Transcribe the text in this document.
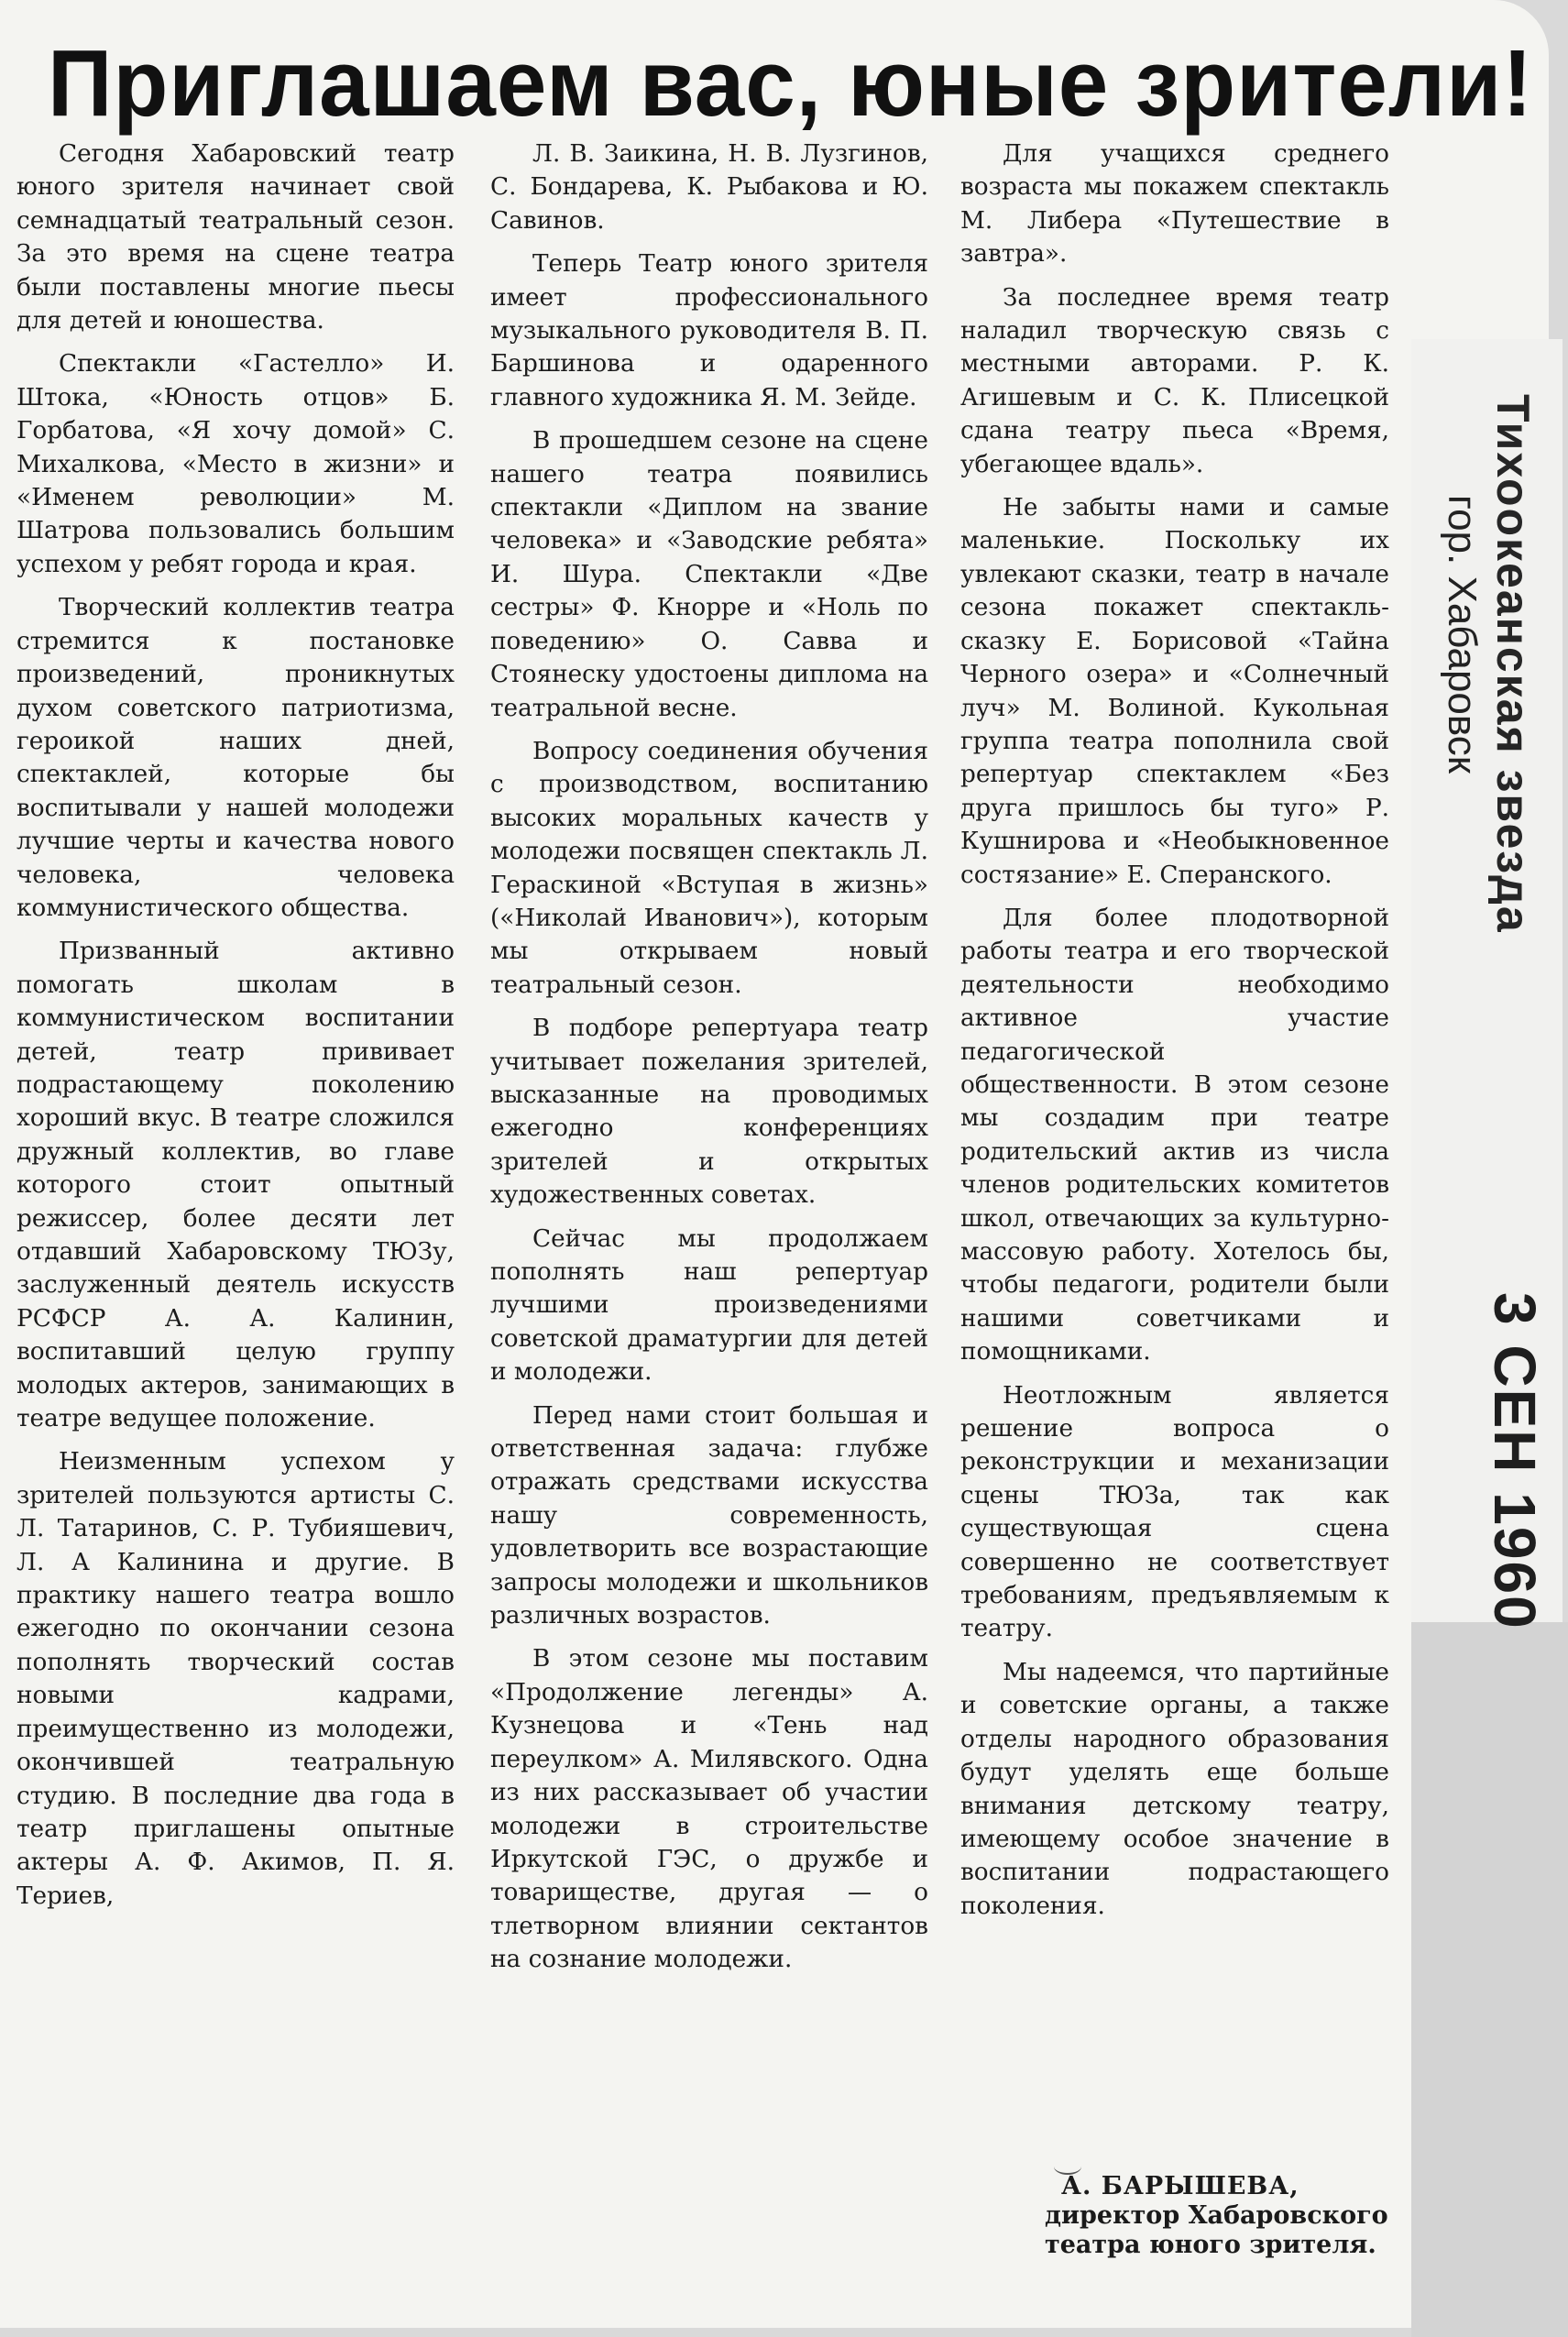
Приглашаем вас, юные зрители!

Сегодня Хабаровский театр юного зрителя начинает свой семнадцатый театральный сезон. За это время на сцене театра были поставлены многие пьесы для детей и юношества.

Спектакли «Гастелло» И. Штока, «Юность отцов» Б. Горбатова, «Я хочу домой» С. Михалкова, «Место в жизни» и «Именем революции» М. Шатрова пользовались большим успехом у ребят города и края.

Творческий коллектив театра стремится к постановке произведений, проникнутых духом советского патриотизма, героикой наших дней, спектаклей, которые бы воспитывали у нашей молодежи лучшие черты и качества нового человека, человека коммунистического общества.

Призванный активно помогать школам в коммунистическом воспитании детей, театр прививает подрастающему поколению хороший вкус. В театре сложился дружный коллектив, во главе которого стоит опытный режиссер, более десяти лет отдавший Хабаровскому ТЮЗу, заслуженный деятель искусств РСФСР А. А. Калинин, воспитавший целую группу молодых актеров, занимающих в театре ведущее положение.

Неизменным успехом у зрителей пользуются артисты С. Л. Татаринов, С. Р. Тубияшевич, Л. А Калинина и другие. В практику нашего театра вошло ежегодно по окончании сезона пополнять творческий состав новыми кадрами, преимущественно из молодежи, окончившей театральную студию. В последние два года в театр приглашены опытные актеры А. Ф. Акимов, П. Я. Териев,

Л. В. Заикина, Н. В. Лузгинов, С. Бондарева, К. Рыбакова и Ю. Савинов.

Теперь Театр юного зрителя имеет профессионального музыкального руководителя В. П. Баршинова и одаренного главного художника Я. М. Зейде.

В прошедшем сезоне на сцене нашего театра появились спектакли «Диплом на звание человека» и «Заводские ребята» И. Шура. Спектакли «Две сестры» Ф. Кнорре и «Ноль по поведению» О. Савва и Стоянеску удостоены диплома на театральной весне.

Вопросу соединения обучения с производством, воспитанию высоких моральных качеств у молодежи посвящен спектакль Л. Гераскиной «Вступая в жизнь» («Николай Иванович»), которым мы открываем новый театральный сезон.

В подборе репертуара театр учитывает пожелания зрителей, высказанные на проводимых ежегодно конференциях зрителей и открытых художественных советах.

Сейчас мы продолжаем пополнять наш репертуар лучшими произведениями советской драматургии для детей и молодежи.

Перед нами стоит большая и ответственная задача: глубже отражать средствами искусства нашу современность, удовлетворить все возрастающие запросы молодежи и школьников различных возрастов.

В этом сезоне мы поставим «Продолжение легенды» А. Кузнецова и «Тень над переулком» А. Милявского. Одна из них рассказывает об участии молодежи в строительстве Иркутской ГЭС, о дружбе и товариществе, другая — о тлетворном влиянии сектантов на сознание молодежи.

Для учащихся среднего возраста мы покажем спектакль М. Либера «Путешествие в завтра».

За последнее время театр наладил творческую связь с местными авторами. Р. К. Агишевым и С. К. Плисецкой сдана театру пьеса «Время, убегающее вдаль».

Не забыты нами и самые маленькие. Поскольку их увлекают сказки, театр в начале сезона покажет спектакль-сказку Е. Борисовой «Тайна Черного озера» и «Солнечный луч» М. Волиной. Кукольная группа театра пополнила свой репертуар спектаклем «Без друга пришлось бы туго» Р. Кушнирова и «Необыкновенное состязание» Е. Сперанского.

Для более плодотворной работы театра и его творческой деятельности необходимо активное участие педагогической общественности. В этом сезоне мы создадим при театре родительский актив из числа членов родительских комитетов школ, отвечающих за культурно-массовую работу. Хотелось бы, чтобы педагоги, родители были нашими советчиками и помощниками.

Неотложным является решение вопроса о реконструкции и механизации сцены ТЮЗа, так как существующая сцена совершенно не соответствует требованиям, предъявляемым к театру.

Мы надеемся, что партийные и советские органы, а также отделы народного образования будут уделять еще больше внимания детскому театру, имеющему особое значение в воспитании подрастающего поколения.

А. БАРЫШЕВА,
директор Хабаровского театра юного зрителя.
Тихоокеанская звезда
гор. Хабаровск
3 СЕН 1960
